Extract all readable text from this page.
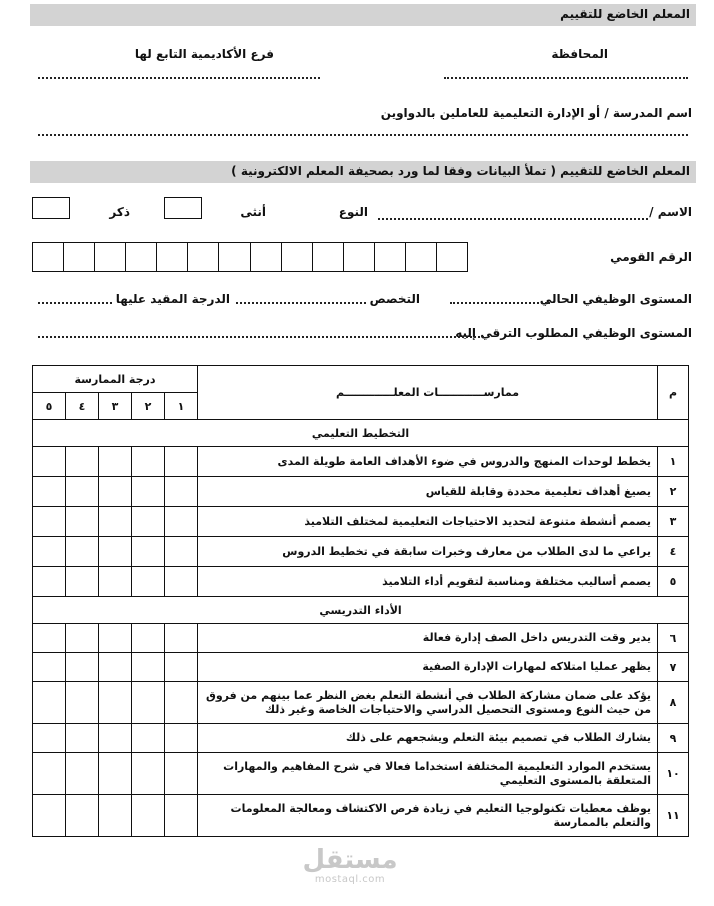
المعلم الخاضع للتقييم
المحافظة
فرع الأكاديمية التابع لها
اسم المدرسة / أو الإدارة التعليمية للعاملين بالدواوين
المعلم الخاضع للتقييم ( تملأ البيانات وفقا لما ورد بصحيفة المعلم الالكترونية )
الاسم /
النوع
أنثى
ذكر
الرقم القومي
المستوى الوظيفي الحالي
التخصص
الدرجة المقيد عليها
المستوى الوظيفي المطلوب الترقي إليه
درجة الممارسة					ممارســــــــــــات المعلـــــــــــــم	م
٥	٤	٣	٢	١		
التخطيط التعليمي						
					يخطط لوحدات المنهج والدروس في ضوء الأهداف العامة طويلة المدى	١
					يصيغ أهداف تعليمية محددة وقابلة للقياس	٢
					يصمم أنشطة متنوعة لتحديد الاحتياجات التعليمية لمختلف التلاميذ	٣
					يراعي ما لدى الطلاب من معارف وخبرات سابقة في تخطيط الدروس	٤
					يصمم أساليب مختلفة ومناسبة لتقويم أداء التلاميذ	٥
الأداء التدريسي						
					يدير وقت التدريس داخل الصف إدارة فعالة	٦
					يظهر عمليا امتلاكه لمهارات الإدارة الصفية	٧
					يؤكد على ضمان مشاركة الطلاب في أنشطة التعلم بغض النظر عما بينهم من فروق من حيث النوع ومستوى التحصيل الدراسي والاحتياجات الخاصة وغير ذلك	٨
					يشارك الطلاب في تصميم بيئة التعلم ويشجعهم على ذلك	٩
					يستخدم الموارد التعليمية المختلفة استخداما فعالا في شرح المفاهيم والمهارات المتعلقة بالمستوى التعليمي	١٠
					يوظف معطيات تكنولوجيا التعليم في زيادة فرص الاكتشاف ومعالجة المعلومات والتعلم بالممارسة	١١
مستقل
mostaql.com
